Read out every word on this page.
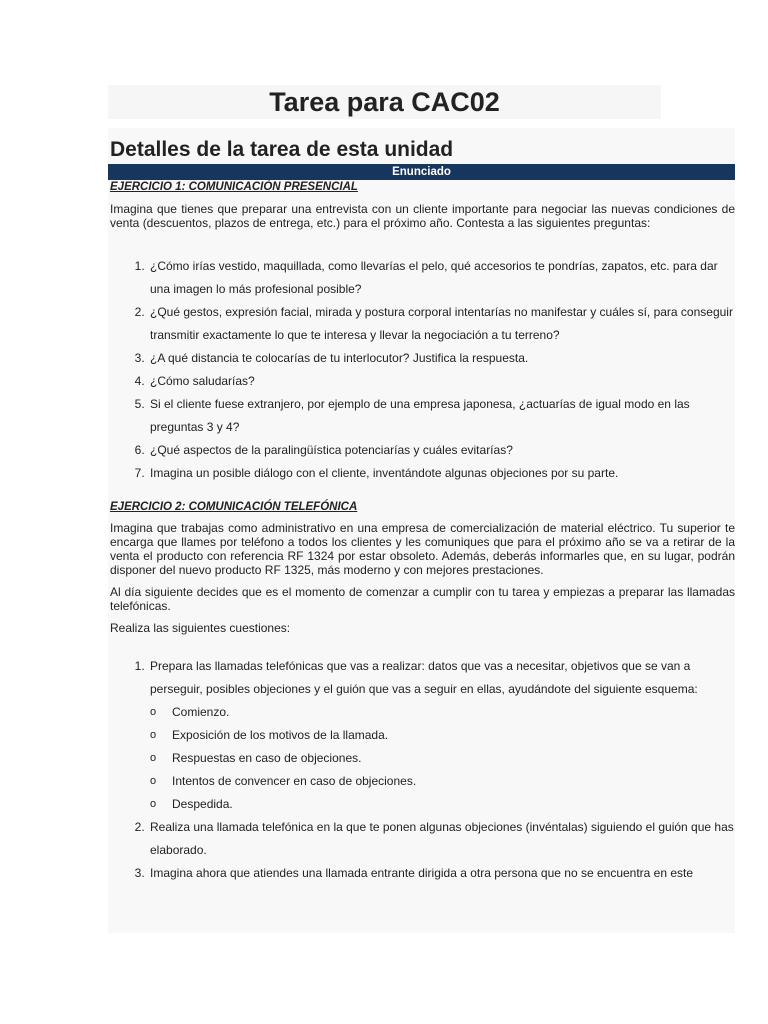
Tarea para CAC02
Detalles de la tarea de esta unidad
Enunciado

EJERCICIO 1: COMUNICACIÓN PRESENCIAL

Imagina que tienes que preparar una entrevista con un cliente importante para negociar las nuevas condiciones de venta (descuentos, plazos de entrega, etc.) para el próximo año. Contesta a las siguientes preguntas:

1. ¿Cómo irías vestido, maquillada, como llevarías el pelo, qué accesorios te pondrías, zapatos, etc. para dar una imagen lo más profesional posible?
2. ¿Qué gestos, expresión facial, mirada y postura corporal intentarías no manifestar y cuáles sí, para conseguir transmitir exactamente lo que te interesa y llevar la negociación a tu terreno?
3. ¿A qué distancia te colocarías de tu interlocutor? Justifica la respuesta.
4. ¿Cómo saludarías?
5. Si el cliente fuese extranjero, por ejemplo de una empresa japonesa, ¿actuarías de igual modo en las preguntas 3 y 4?
6. ¿Qué aspectos de la paralingüística potenciarías y cuáles evitarías?
7. Imagina un posible diálogo con el cliente, inventándote algunas objeciones por su parte.

EJERCICIO 2: COMUNICACIÓN TELEFÓNICA

Imagina que trabajas como administrativo en una empresa de comercialización de material eléctrico. Tu superior te encarga que llames por teléfono a todos los clientes y les comuniques que para el próximo año se va a retirar de la venta el producto con referencia RF 1324 por estar obsoleto. Además, deberás informarles que, en su lugar, podrán disponer del nuevo producto RF 1325, más moderno y con mejores prestaciones.

Al día siguiente decides que es el momento de comenzar a cumplir con tu tarea y empiezas a preparar las llamadas telefónicas.

Realiza las siguientes cuestiones:

1. Prepara las llamadas telefónicas que vas a realizar: datos que vas a necesitar, objetivos que se van a perseguir, posibles objeciones y el guión que vas a seguir en ellas, ayudándote del siguiente esquema:
o Comienzo.
o Exposición de los motivos de la llamada.
o Respuestas en caso de objeciones.
o Intentos de convencer en caso de objeciones.
o Despedida.
2. Realiza una llamada telefónica en la que te ponen algunas objeciones (invéntalas) siguiendo el guión que has elaborado.
3. Imagina ahora que atiendes una llamada entrante dirigida a otra persona que no se encuentra en este
